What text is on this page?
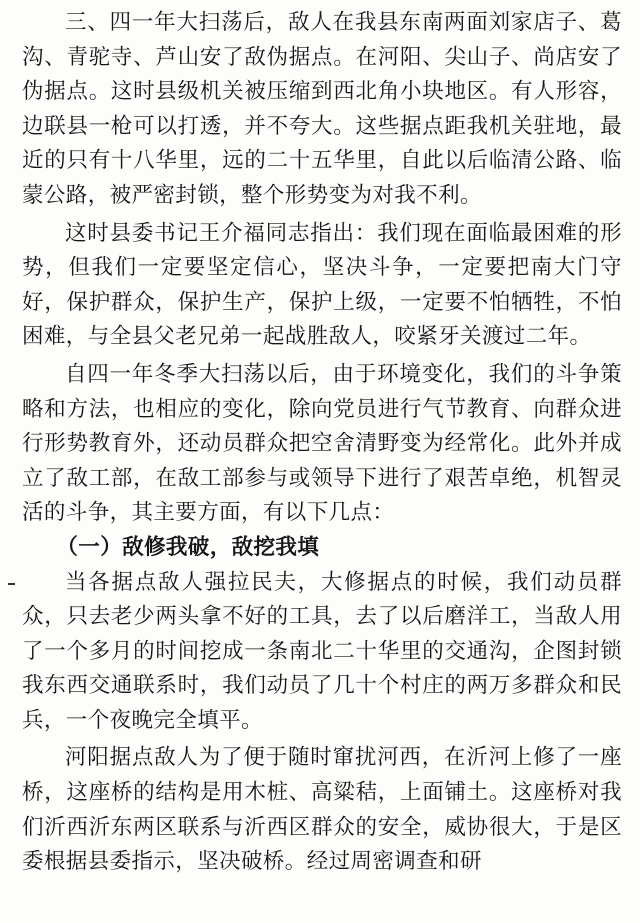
三、四一年大扫荡后，敌人在我县东南两面刘家店子、葛沟、青驼寺、芦山安了敌伪据点。在河阳、尖山子、尚店安了伪据点。这时县级机关被压缩到西北角小块地区。有人形容，边联县一枪可以打透，并不夸大。这些据点距我机关驻地，最近的只有十八华里，远的二十五华里，自此以后临清公路、临蒙公路，被严密封锁，整个形势变为对我不利。

这时县委书记王介福同志指出：我们现在面临最困难的形势，但我们一定要坚定信心，坚决斗争，一定要把南大门守好，保护群众，保护生产，保护上级，一定要不怕牺牲，不怕困难，与全县父老兄弟一起战胜敌人，咬紧牙关渡过二年。

自四一年冬季大扫荡以后，由于环境变化，我们的斗争策略和方法，也相应的变化，除向党员进行气节教育、向群众进行形势教育外，还动员群众把空舍清野变为经常化。此外并成立了敌工部，在敌工部参与或领导下进行了艰苦卓绝，机智灵活的斗争，其主要方面，有以下几点：

（一）敌修我破，敌挖我填

当各据点敌人强拉民夫，大修据点的时候，我们动员群众，只去老少两头拿不好的工具，去了以后磨洋工，当敌人用了一个多月的时间挖成一条南北二十华里的交通沟，企图封锁我东西交通联系时，我们动员了几十个村庄的两万多群众和民兵，一个夜晚完全填平。

河阳据点敌人为了便于随时窜扰河西，在沂河上修了一座桥，这座桥的结构是用木桩、高粱秸，上面铺土。这座桥对我们沂西沂东两区联系与沂西区群众的安全，威协很大，于是区委根据县委指示，坚决破桥。经过周密调查和研
